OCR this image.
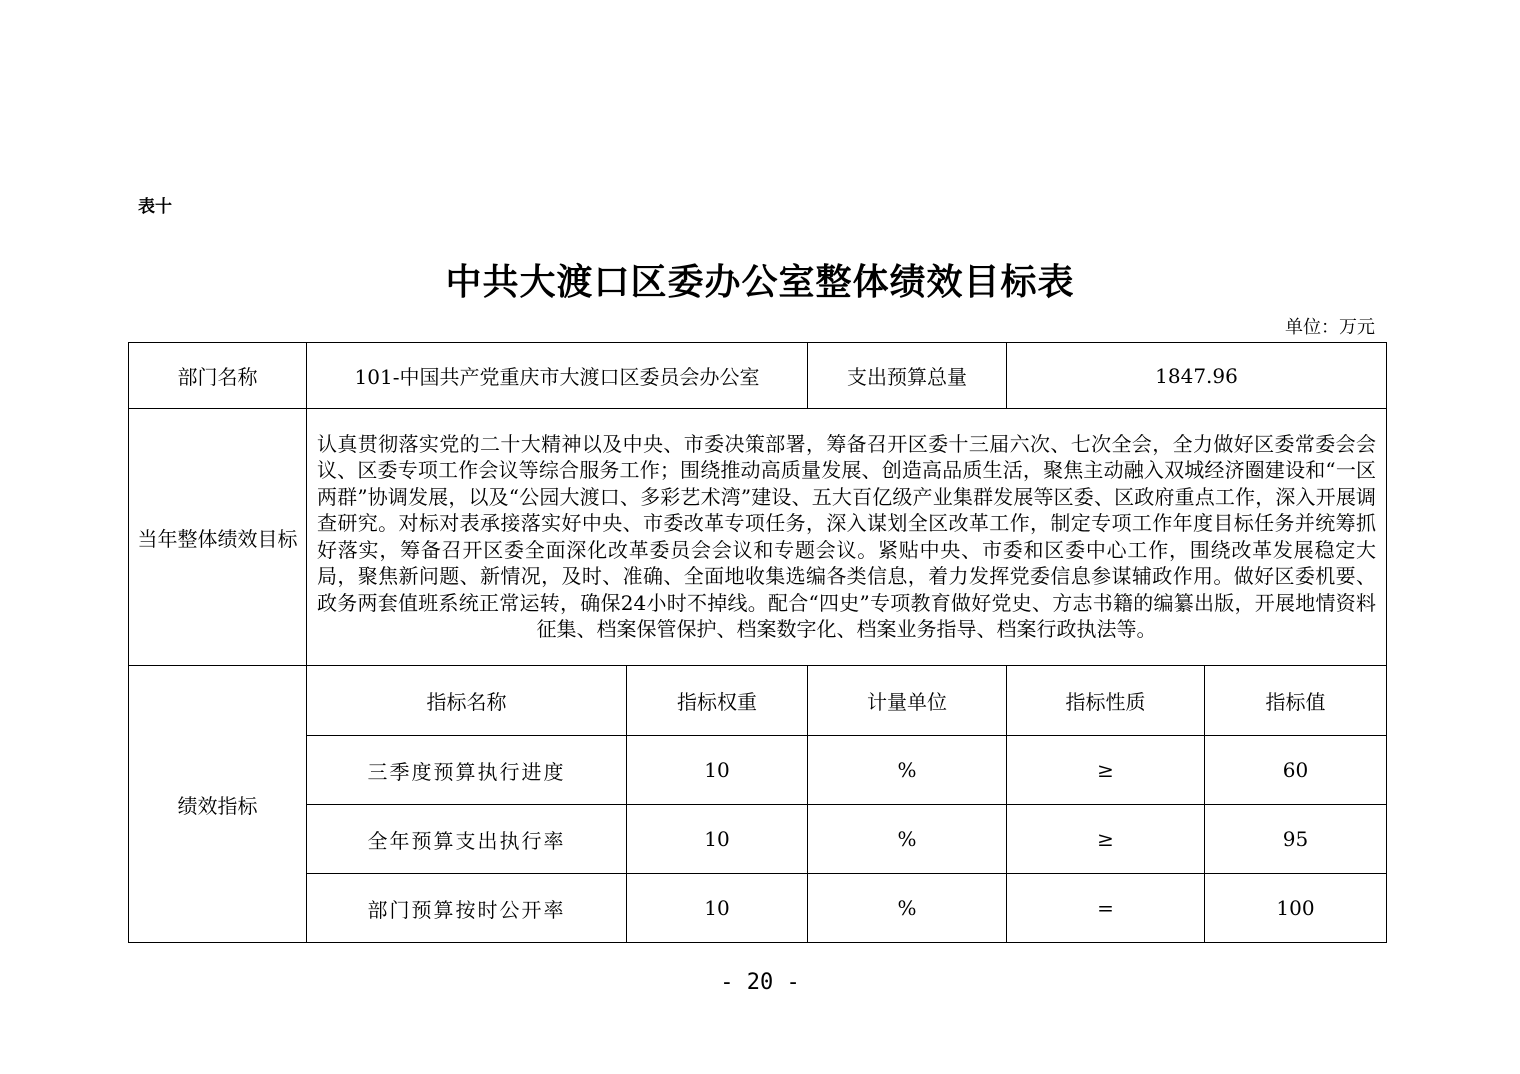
表十
中共大渡口区委办公室整体绩效目标表
单位：万元
部门名称	101-中国共产党重庆市大渡口区委员会办公室		支出预算总量	1847.96	
当年整体绩效目标	认真贯彻落实党的二十大精神以及中央、市委决策部署，筹备召开区委十三届六次、七次全会，全力做好区委常委会会议、区委专项工作会议等综合服务工作；围绕推动高质量发展、创造高品质生活，聚焦主动融入双城经济圈建设和“一区两群”协调发展，以及“公园大渡口、多彩艺术湾”建设、五大百亿级产业集群发展等区委、区政府重点工作，深入开展调查研究。对标对表承接落实好中央、市委改革专项任务，深入谋划全区改革工作，制定专项工作年度目标任务并统筹抓好落实，筹备召开区委全面深化改革委员会会议和专题会议。紧贴中央、市委和区委中心工作，围绕改革发展稳定大局，聚焦新问题、新情况，及时、准确、全面地收集选编各类信息，着力发挥党委信息参谋辅政作用。做好区委机要、政务两套值班系统正常运转，确保24小时不掉线。配合“四史”专项教育做好党史、方志书籍的编纂出版，开展地情资料征集、档案保管保护、档案数字化、档案业务指导、档案行政执法等。				
绩效指标	指标名称	指标权重	计量单位	指标性质	指标值
	三季度预算执行进度	10	%	≥	60
	全年预算支出执行率	10	%	≥	95
	部门预算按时公开率	10	%	=	100
- 20 -
